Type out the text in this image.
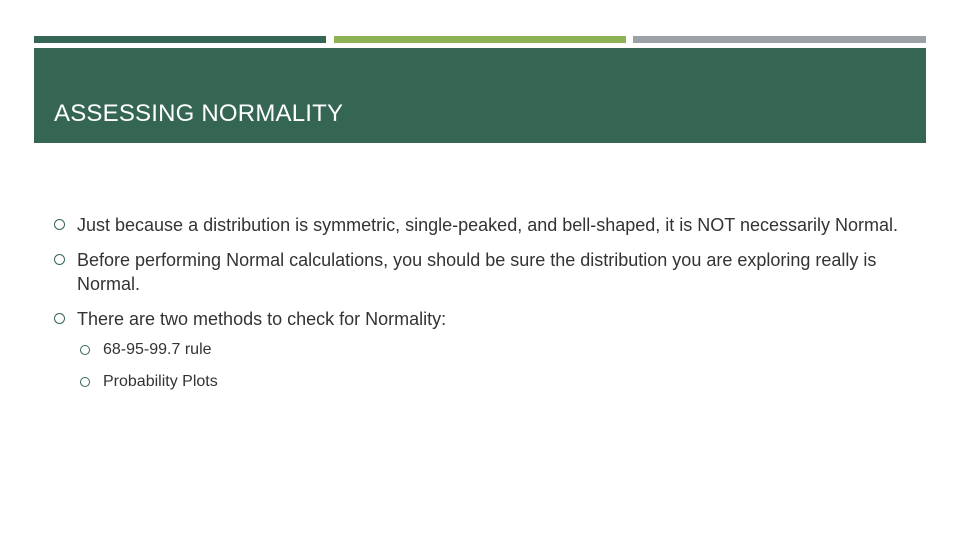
ASSESSING NORMALITY
Just because a distribution is symmetric, single-peaked, and bell-shaped, it is NOT necessarily Normal.
Before performing Normal calculations, you should be sure the distribution you are exploring really is Normal.
There are two methods to check for Normality:
68-95-99.7 rule
Probability Plots
